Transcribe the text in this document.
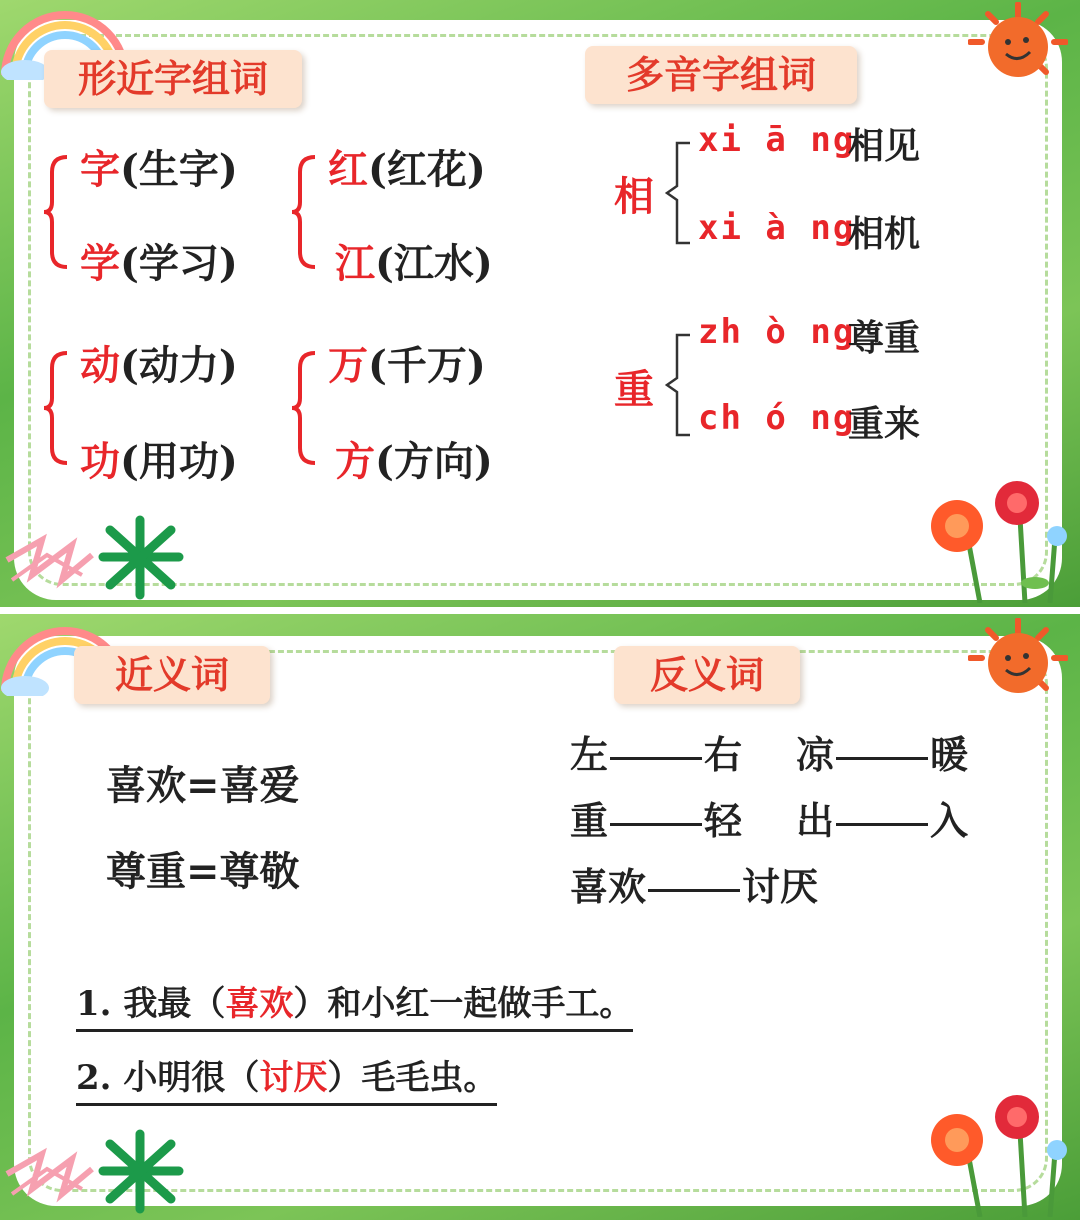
形近字组词	多音字组词
字(生字)
学(学习)
红(红花)
江(江水)
动(动力)
功(用功)
万(千万)
方(方向)
相
xi ā ng
相见
xi à ng
相机
重
zh ò ng
尊重
ch ó ng
重来
近义词	反义词
喜欢=喜爱
尊重=尊敬
左	右 凉	暖
重	轻 出	入
喜欢	讨厌
1. 我最（喜欢）和小红一起做手工。
2. 小明很（讨厌）毛毛虫。
